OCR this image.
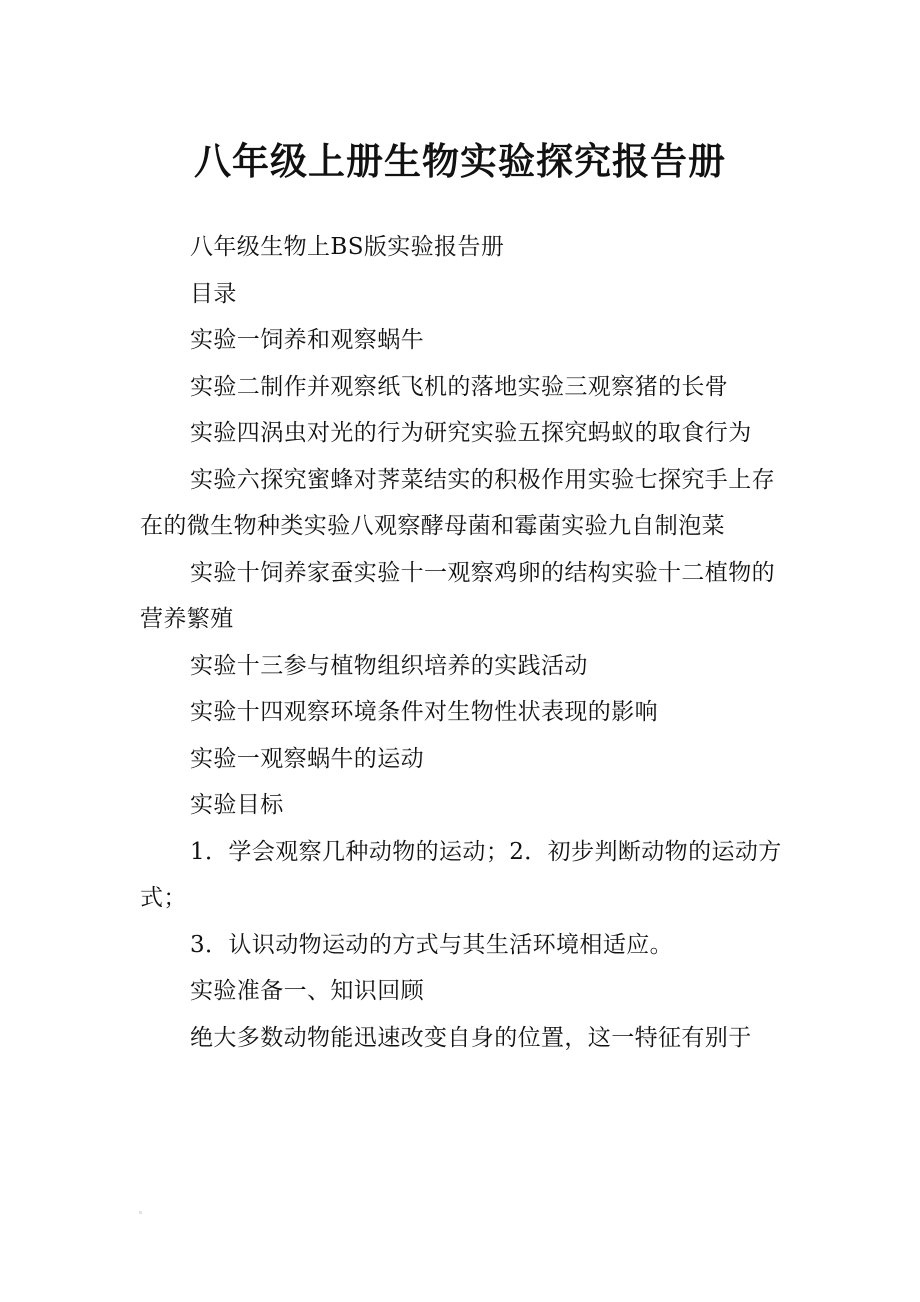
八年级上册生物实验探究报告册

八年级生物上BS版实验报告册

目录

实验一饲养和观察蜗牛

实验二制作并观察纸飞机的落地实验三观察猪的长骨

实验四涡虫对光的行为研究实验五探究蚂蚁的取食行为

实验六探究蜜蜂对荠菜结实的积极作用实验七探究手上存在的微生物种类实验八观察酵母菌和霉菌实验九自制泡菜

实验十饲养家蚕实验十一观察鸡卵的结构实验十二植物的营养繁殖

实验十三参与植物组织培养的实践活动

实验十四观察环境条件对生物性状表现的影响

实验一观察蜗牛的运动

实验目标

1．学会观察几种动物的运动；2．初步判断动物的运动方式；

3．认识动物运动的方式与其生活环境相适应。

实验准备一、知识回顾

绝大多数动物能迅速改变自身的位置，这一特征有别于
